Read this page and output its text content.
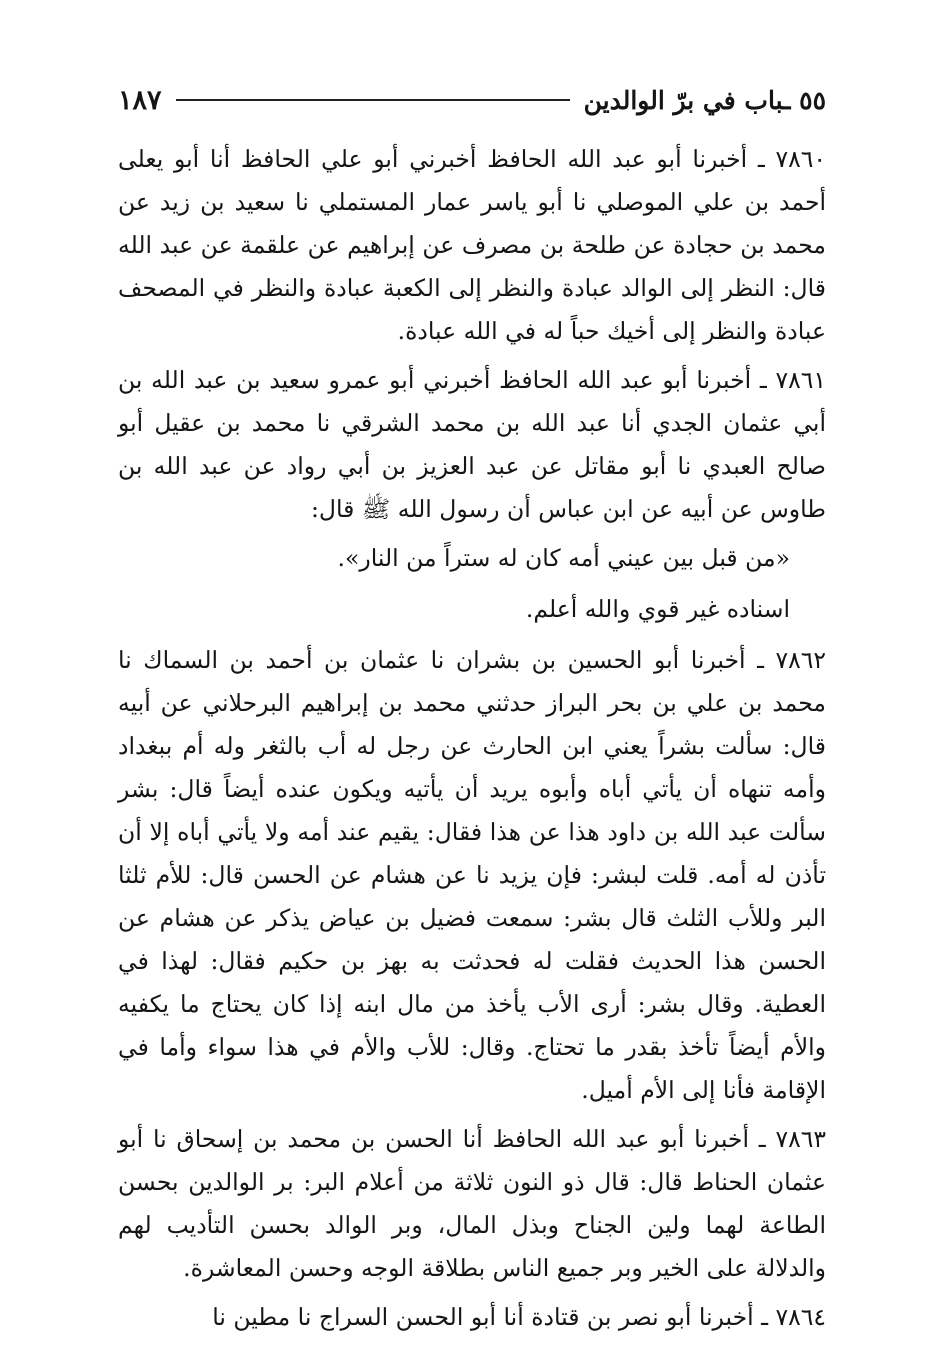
٥٥ ـباب في برّ الوالدين
١٨٧

٧٨٦٠ ـ أخبرنا أبو عبد الله الحافظ أخبرني أبو علي الحافظ أنا أبو يعلى أحمد بن علي الموصلي نا أبو ياسر عمار المستملي نا سعيد بن زيد عن محمد بن حجادة عن طلحة بن مصرف عن إبراهيم عن علقمة عن عبد الله قال: النظر إلى الوالد عبادة والنظر إلى الكعبة عبادة والنظر في المصحف عبادة والنظر إلى أخيك حباً له في الله عبادة.

٧٨٦١ ـ أخبرنا أبو عبد الله الحافظ أخبرني أبو عمرو سعيد بن عبد الله بن أبي عثمان الجدي أنا عبد الله بن محمد الشرقي نا محمد بن عقيل أبو صالح العبدي نا أبو مقاتل عن عبد العزيز بن أبي رواد عن عبد الله بن طاوس عن أبيه عن ابن عباس أن رسول الله ﷺ قال:

«من قبل بين عيني أمه كان له ستراً من النار».

اسناده غير قوي والله أعلم.

٧٨٦٢ ـ أخبرنا أبو الحسين بن بشران نا عثمان بن أحمد بن السماك نا محمد بن علي بن بحر البراز حدثني محمد بن إبراهيم البرحلاني عن أبيه قال: سألت بشراً يعني ابن الحارث عن رجل له أب بالثغر وله أم ببغداد وأمه تنهاه أن يأتي أباه وأبوه يريد أن يأتيه ويكون عنده أيضاً قال: بشر سألت عبد الله بن داود هذا عن هذا فقال: يقيم عند أمه ولا يأتي أباه إلا أن تأذن له أمه. قلت لبشر: فإن يزيد نا عن هشام عن الحسن قال: للأم ثلثا البر وللأب الثلث قال بشر: سمعت فضيل بن عياض يذكر عن هشام عن الحسن هذا الحديث فقلت له فحدثت به بهز بن حكيم فقال: لهذا في العطية. وقال بشر: أرى الأب يأخذ من مال ابنه إذا كان يحتاج ما يكفيه والأم أيضاً تأخذ بقدر ما تحتاج. وقال: للأب والأم في هذا سواء وأما في الإقامة فأنا إلى الأم أميل.

٧٨٦٣ ـ أخبرنا أبو عبد الله الحافظ أنا الحسن بن محمد بن إسحاق نا أبو عثمان الحناط قال: قال ذو النون ثلاثة من أعلام البر: بر الوالدين بحسن الطاعة لهما ولين الجناح وبذل المال، وبر الوالد بحسن التأديب لهم والدلالة على الخير وبر جميع الناس بطلاقة الوجه وحسن المعاشرة.

٧٨٦٤ ـ أخبرنا أبو نصر بن قتادة أنا أبو الحسن السراج نا مطين نا
